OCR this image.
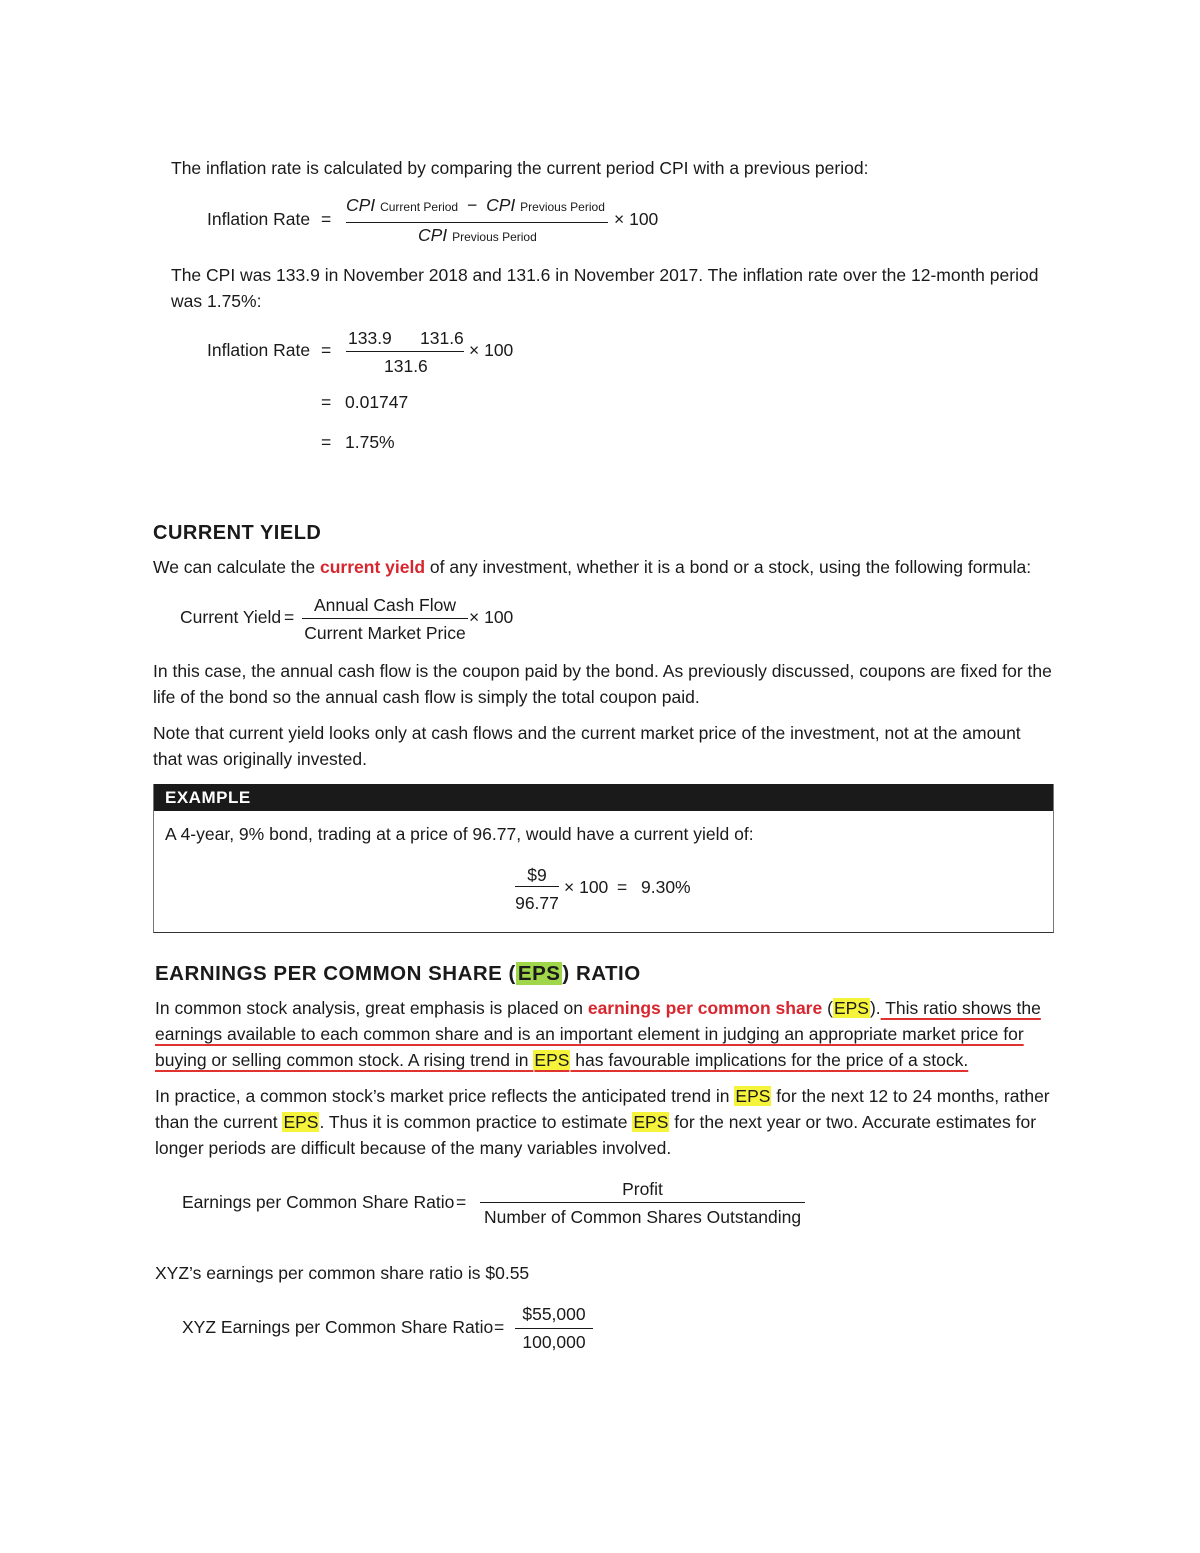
The inflation rate is calculated by comparing the current period CPI with a previous period:
Inflation Rate =
CPI Current Period − CPI Previous Period
CPI Previous Period
× 100
The CPI was 133.9 in November 2018 and 131.6 in November 2017. The inflation rate over the 12-month period
was 1.75%:
Inflation Rate =
133.9 131.6
131.6
× 100
= 0.01747
= 1.75%
CURRENT YIELD
We can calculate the current yield of any investment, whether it is a bond or a stock, using the following formula:
Current Yield =
Annual Cash Flow
Current Market Price
× 100
In this case, the annual cash flow is the coupon paid by the bond. As previously discussed, coupons are fixed for the
life of the bond so the annual cash flow is simply the total coupon paid.
Note that current yield looks only at cash flows and the current market price of the investment, not at the amount
that was originally invested.
EXAMPLE
A 4-year, 9% bond, trading at a price of 96.77, would have a current yield of:
$9
96.77
× 100 = 9.30%
EARNINGS PER COMMON SHARE (EPS) RATIO
In common stock analysis, great emphasis is placed on earnings per common share (EPS). This ratio shows the
earnings available to each common share and is an important element in judging an appropriate market price for
buying or selling common stock. A rising trend in EPS has favourable implications for the price of a stock.
In practice, a common stock’s market price reflects the anticipated trend in EPS for the next 12 to 24 months, rather
than the current EPS. Thus it is common practice to estimate EPS for the next year or two. Accurate estimates for
longer periods are difficult because of the many variables involved.
Earnings per Common Share Ratio =
Profit
Number of Common Shares Outstanding
XYZ’s earnings per common share ratio is $0.55
XYZ Earnings per Common Share Ratio =
$55,000
100,000
